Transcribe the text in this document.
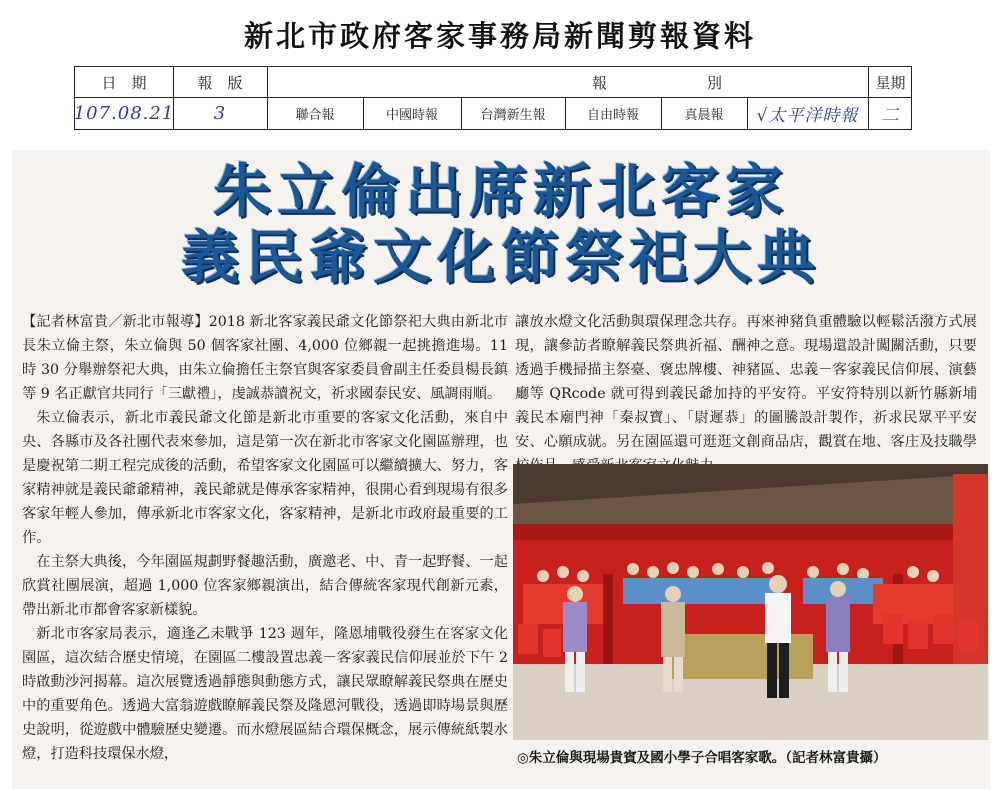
新北市政府客家事務局新聞剪報資料
日　期	報　版	報	別	星期
107.08.21	3	聯合報	中國時報	台灣新生報	自由時報	真晨報	√太平洋時報	二
朱立倫出席新北客家
義民爺文化節祭祀大典

【記者林富貴／新北市報導】2018 新北客家義民爺文化節祭祀大典由新北市長朱立倫主祭，朱立倫與 50 個客家社團、4,000 位鄉親一起挑擔進場。11 時 30 分舉辦祭祀大典，由朱立倫擔任主祭官與客家委員會副主任委員楊長鎮等 9 名正獻官共同行「三獻禮」，虔誠恭讀祝文，祈求國泰民安、風調雨順。

朱立倫表示，新北市義民爺文化節是新北市重要的客家文化活動，來自中央、各縣市及各社團代表來參加，這是第一次在新北市客家文化園區辦理，也是慶祝第二期工程完成後的活動，希望客家文化園區可以繼續擴大、努力，客家精神就是義民爺爺精神，義民爺就是傳承客家精神，很開心看到現場有很多客家年輕人參加，傳承新北市客家文化，客家精神，是新北市政府最重要的工作。

在主祭大典後，今年園區規劃野餐趣活動，廣邀老、中、青一起野餐、一起欣賞社團展演，超過 1,000 位客家鄉親演出，結合傳統客家現代創新元素，帶出新北市都會客家新樣貌。

新北市客家局表示，適逢乙未戰爭 123 週年，隆恩埔戰役發生在客家文化園區，這次結合歷史情境，在園區二樓設置忠義－客家義民信仰展並於下午 2 時啟動沙河揭幕。這次展覽透過靜態與動態方式，讓民眾瞭解義民祭典在歷史中的重要角色。透過大富翁遊戲瞭解義民祭及隆恩河戰役，透過即時場景與歷史說明，從遊戲中體驗歷史變遷。而水燈展區結合環保概念，展示傳統紙製水燈，打造科技環保水燈，

讓放水燈文化活動與環保理念共存。再來神豬負重體驗以輕鬆活潑方式展現，讓參訪者瞭解義民祭典祈福、酬神之意。現場還設計闖關活動，只要透過手機掃描主祭臺、褒忠牌樓、神豬區、忠義－客家義民信仰展、演藝廳等 QRcode 就可得到義民爺加持的平安符。平安符特別以新竹縣新埔義民本廟門神「秦叔寶」、「尉遲恭」的圖騰設計製作，祈求民眾平平安安、心願成就。另在園區還可逛逛文創商品店，觀賞在地、客庄及技職學

◎朱立倫與現場貴賓及國小學子合唱客家歌。（記者林富貴攝）
